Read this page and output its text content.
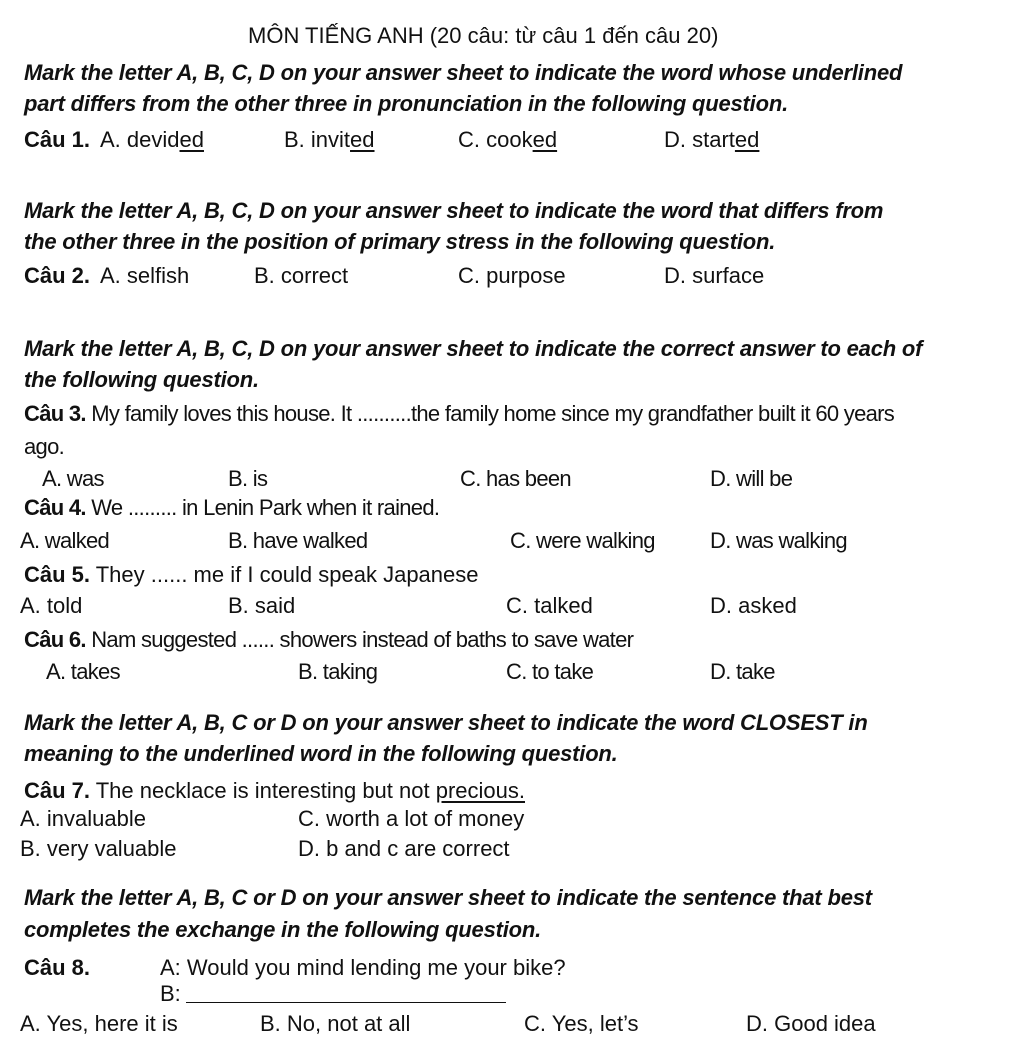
MÔN TIẾNG ANH (20 câu: từ câu 1 đến câu 20)
Mark the letter A, B, C, D on your answer sheet to indicate the word whose underlined
part differs from the other three in pronunciation in the following question.
Câu 1. A. devided	B. invited	C. cooked	D. started
Mark the letter A, B, C, D on your answer sheet to indicate the word that differs from
the other three in the position of primary stress in the following question.
Câu 2. A. selfish	B. correct	C. purpose	D. surface
Mark the letter A, B, C, D on your answer sheet to indicate the correct answer to each of
the following question.
Câu 3. My family loves this house. It ..........the family home since my grandfather built it 60 years
ago.
A. was	B. is	C. has been	D. will be
Câu 4. We ......... in Lenin Park when it rained.
A. walked	B. have walked	C. were walking	D. was walking
Câu 5. They ...... me if I could speak Japanese
A. told	B. said	C. talked	D. asked
Câu 6. Nam suggested ...... showers instead of baths to save water
A. takes	B. taking	C. to take	D. take
Mark the letter A, B, C or D on your answer sheet to indicate the word CLOSEST in
meaning to the underlined word in the following question.
Câu 7. The necklace is interesting but not precious.
A. invaluable	C. worth a lot of money
B. very valuable	D. b and c are correct
Mark the letter A, B, C or D on your answer sheet to indicate the sentence that best
completes the exchange in the following question.
Câu 8.	A: Would you mind lending me your bike?
B:
A. Yes, here it is	B. No, not at all	C. Yes, let’s	D. Good idea
